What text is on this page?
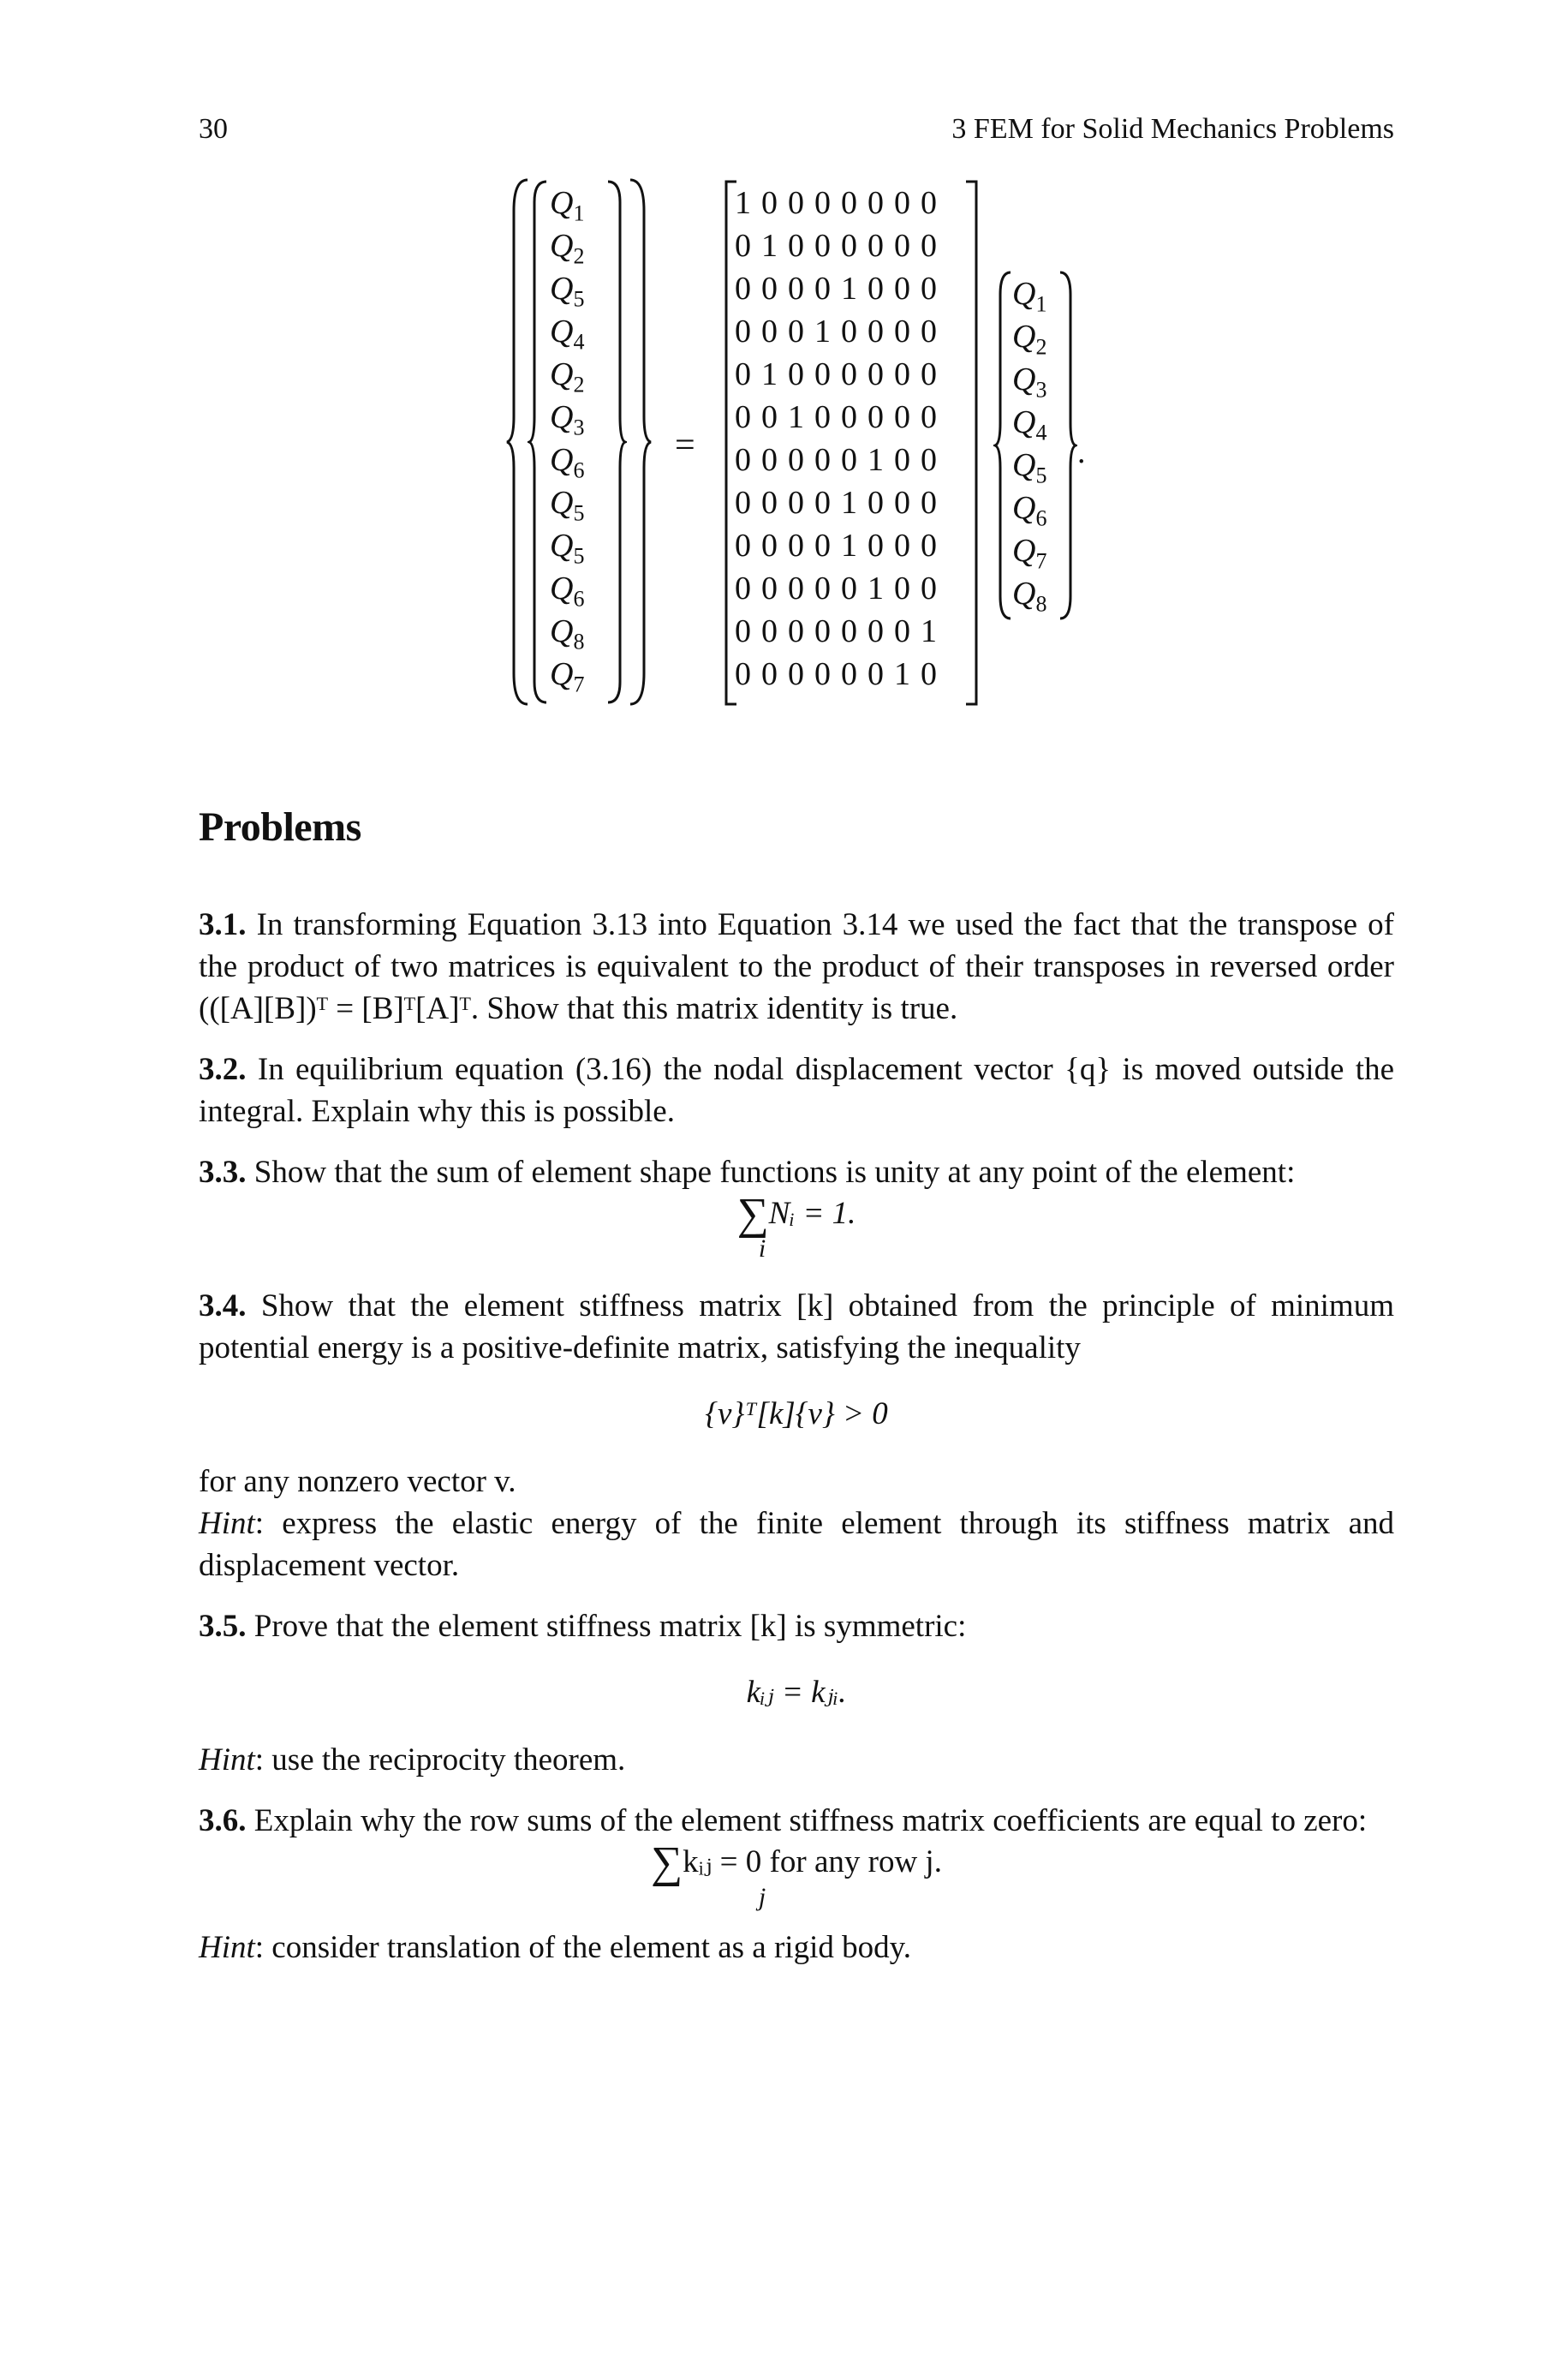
30	3 FEM for Solid Mechanics Problems
$Q_1$
$Q_2$
$Q_5$
$Q_4$
$Q_2$
$Q_3$
$Q_6$
$Q_5$
$Q_5$
$Q_6$
$Q_8$
$Q_7$
=
10000000
01000000
00001000
00010000
01000000
00100000
00000100
00001000
00001000
00000100
00000001
00000010
$Q_1$
$Q_2$
$Q_3$
$Q_4$
$Q_5$
$Q_6$
$Q_7$
$Q_8$
.
Problems

3.1. In transforming Equation 3.13 into Equation 3.14 we used the fact that the transpose of the product of two matrices is equivalent to the product of their transposes in reversed order (([A][B])ᵀ = [B]ᵀ[A]ᵀ. Show that this matrix identity is true.

3.2. In equilibrium equation (3.16) the nodal displacement vector {q} is moved outside the integral. Explain why this is possible.

3.3. Show that the sum of element shape functions is unity at any point of the element:

∑Nᵢ = 1.
i

3.4. Show that the element stiffness matrix [k] obtained from the principle of minimum potential energy is a positive-definite matrix, satisfying the inequality

{v}ᵀ[k]{v} > 0

for any nonzero vector v.

Hint: express the elastic energy of the finite element through its stiffness matrix and displacement vector.

3.5. Prove that the element stiffness matrix [k] is symmetric:

kᵢⱼ = kⱼᵢ.

Hint: use the reciprocity theorem.

3.6. Explain why the row sums of the element stiffness matrix coefficients are equal to zero:

∑kᵢⱼ = 0 for any row j.
j

Hint: consider translation of the element as a rigid body.
